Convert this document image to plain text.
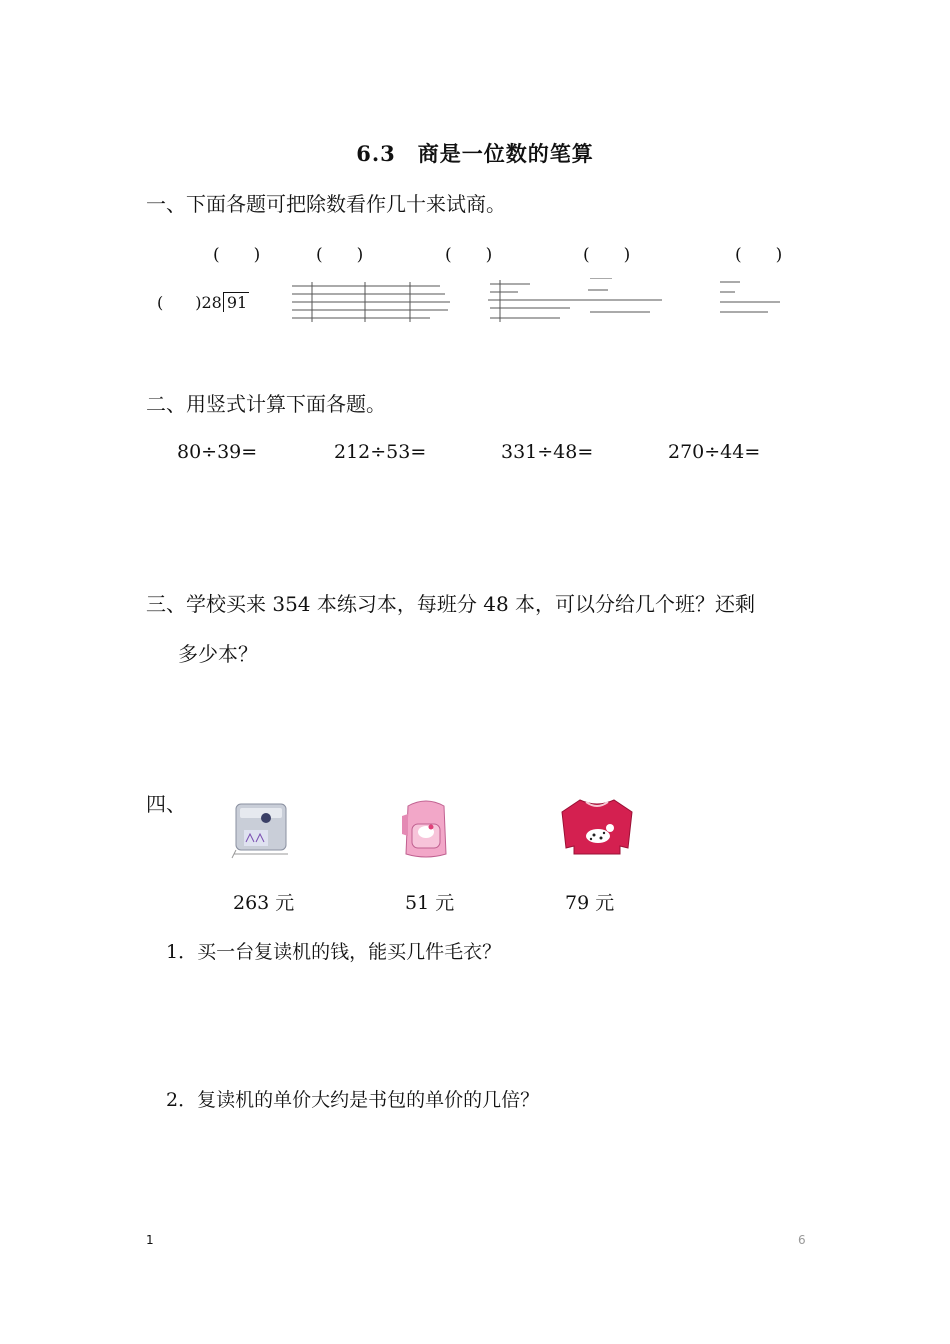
6.3　商是一位数的笔算
一、下面各题可把除数看作几十来试商。
(　　)	(　　)	(　　)	(　　)	(　　)
(　　)28 91
二、用竖式计算下面各题。
80÷39=	212÷53=	331÷48=	270÷44=
三、学校买来 354 本练习本，每班分 48 本，可以分给几个班？还剩
多少本？
四、
263 元	51 元	79 元
1．买一台复读机的钱，能买几件毛衣？
2．复读机的单价大约是书包的单价的几倍？
1	6
